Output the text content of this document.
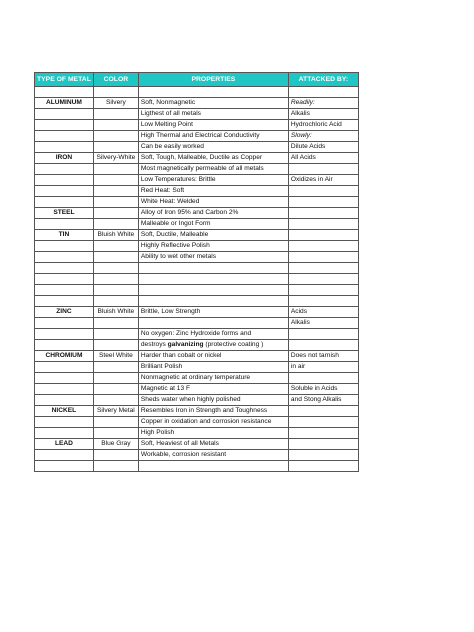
TYPE OF METAL	COLOR	PROPERTIES	ATTACKED BY:

ALUMINUM	Silvery	Soft, Nonmagnetic	Readily:
		Ligthest of all metals	Alkalis
		Low Melting Point	Hydrochloric Acid
		High Thermal and Electrical Conductivity	Slowly:
		Can be easily worked	Dilute Acids
IRON	Silvery-White	Soft, Tough, Malleable, Ductile as Copper	All Acids
		Most magnetically permeable of all metals	
		Low Temperatures: Brittle	Oxidizes in Air
		Red Heat: Soft	
		White Heat: Welded	
STEEL		Alloy of Iron 95% and Carbon 2%	
		Malleable or Ingot Form	
TIN	Bluish White	Soft, Ductile, Malleable	
		Highly Reflective Polish	
		Ability to wet other metals	

ZINC	Bluish White	Brittle, Low Strength	Acids
			Alkalis
		No oxygen: Zinc Hydroxide forms and	
		destroys galvanizing (protective coating )	
CHROMIUM	Steel White	Harder than cobalt or nickel	Does not tarnish
		Brilliant Polish	in air
		Nonmagnetic at ordinary temperature	
		Magnetic at 13 F	Soluble in Acids
		Sheds water when highly polished	and Stong Alkalis
NICKEL	Silvery Metal	Resembles Iron in Strength and Toughness	
		Copper in oxidation and corrosion resistance	
		High Polish	
LEAD	Blue Gray	Soft, Heaviest of all Metals	
		Workable, corrosion resistant	
